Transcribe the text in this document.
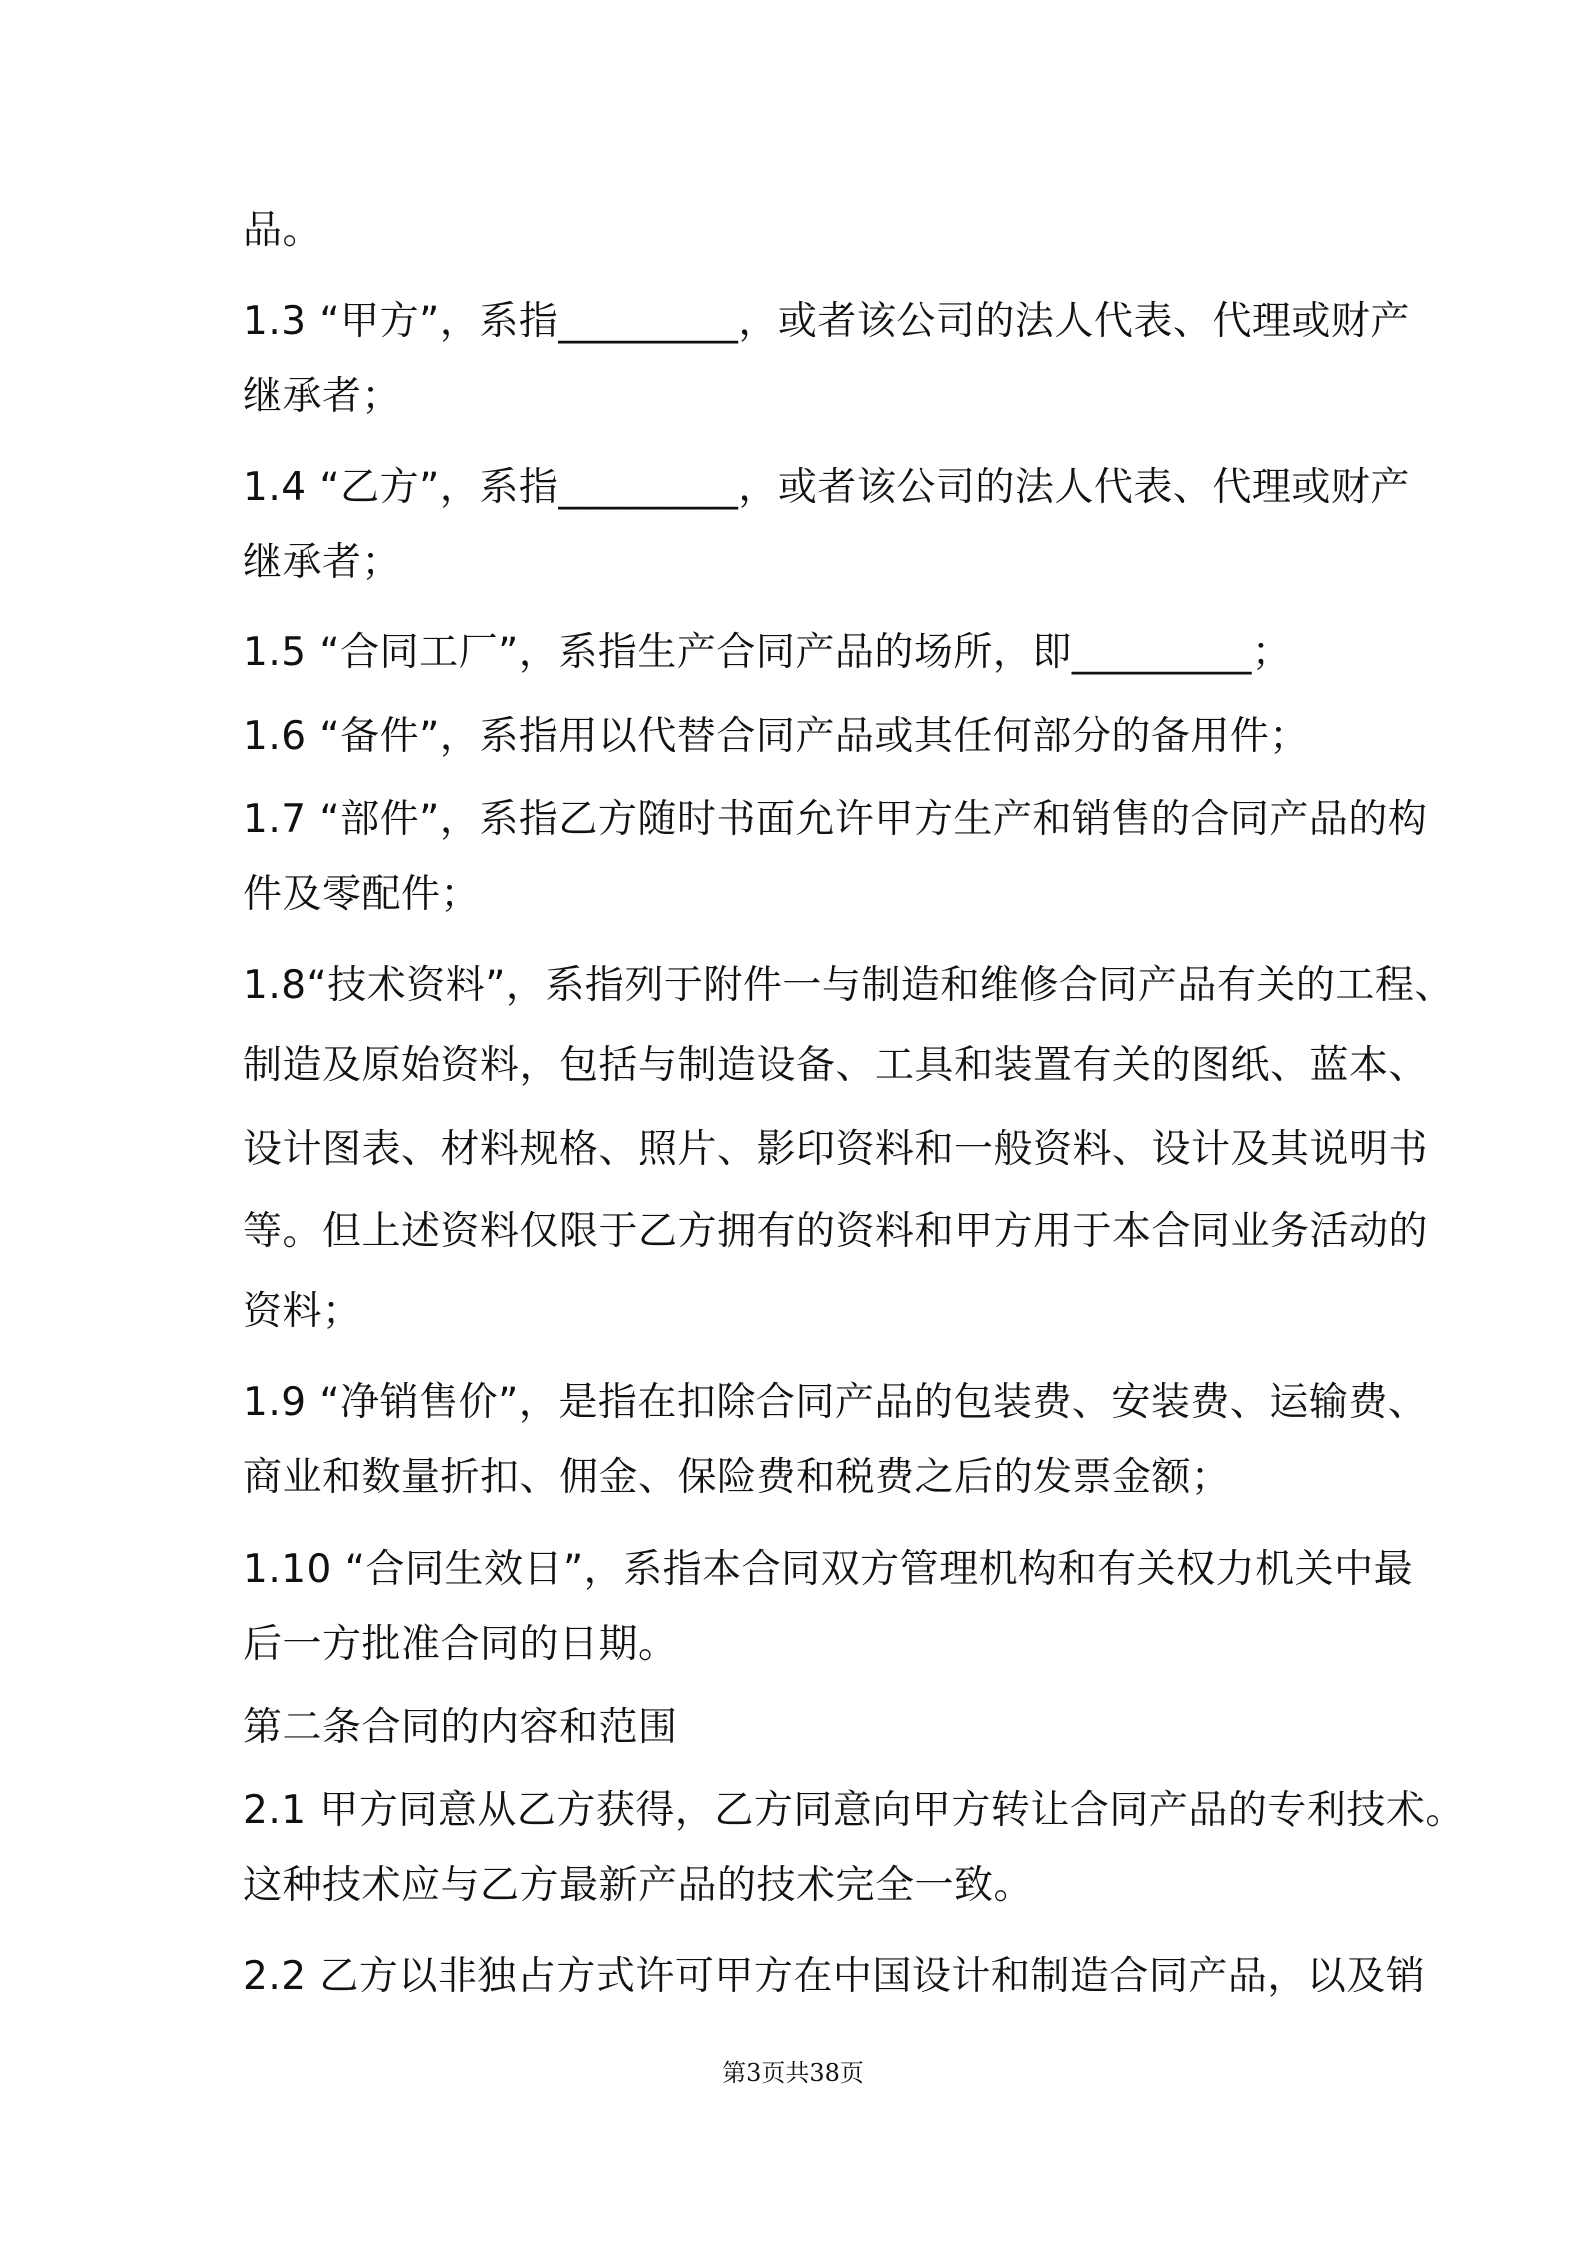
品。
1.3 “甲方”，系指_________，或者该公司的法人代表、代理或财产
继承者；
1.4 “乙方”，系指_________，或者该公司的法人代表、代理或财产
继承者；
1.5 “合同工厂”，系指生产合同产品的场所，即_________；
1.6 “备件”，系指用以代替合同产品或其任何部分的备用件；
1.7 “部件”，系指乙方随时书面允许甲方生产和销售的合同产品的构
件及零配件；
1.8“技术资料”，系指列于附件一与制造和维修合同产品有关的工程、
制造及原始资料，包括与制造设备、工具和装置有关的图纸、蓝本、
设计图表、材料规格、照片、影印资料和一般资料、设计及其说明书
等。但上述资料仅限于乙方拥有的资料和甲方用于本合同业务活动的
资料；
1.9 “净销售价”，是指在扣除合同产品的包装费、安装费、运输费、
商业和数量折扣、佣金、保险费和税费之后的发票金额；
1.10 “合同生效日”，系指本合同双方管理机构和有关权力机关中最
后一方批准合同的日期。
第二条合同的内容和范围
2.1 甲方同意从乙方获得，乙方同意向甲方转让合同产品的专利技术。
这种技术应与乙方最新产品的技术完全一致。
2.2 乙方以非独占方式许可甲方在中国设计和制造合同产品，以及销
第3页共38页
